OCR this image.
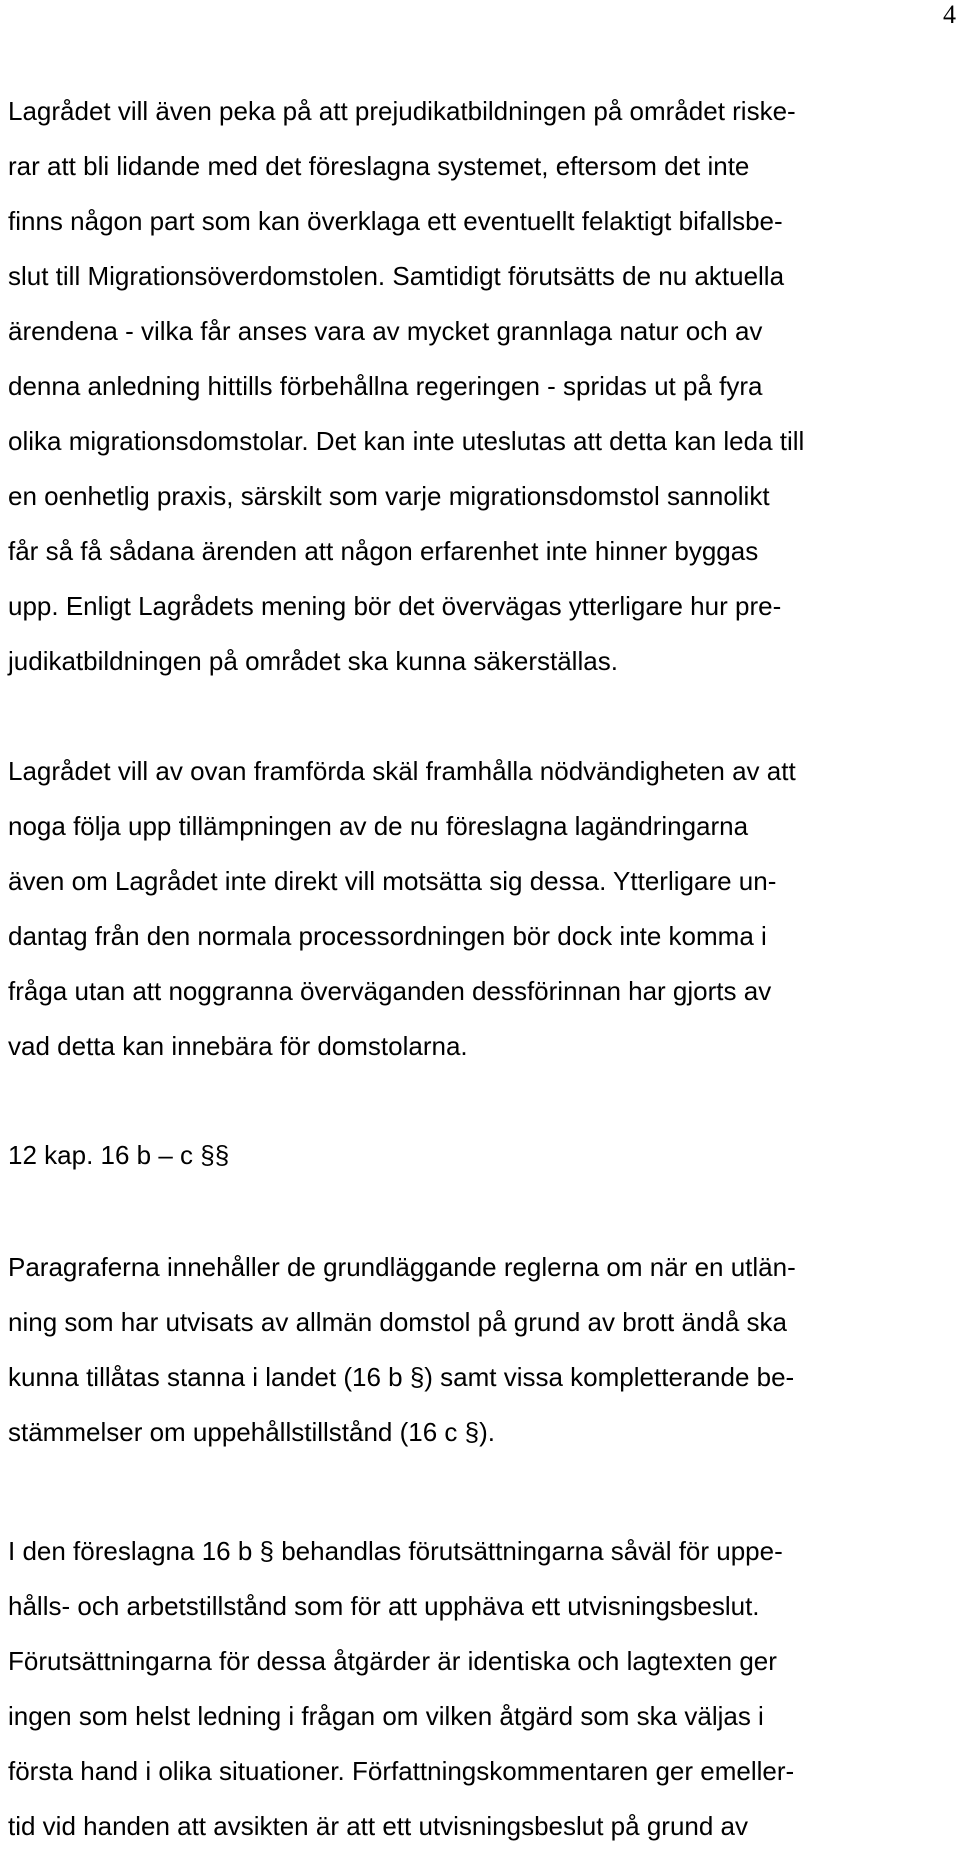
4
Lagrådet vill även peka på att prejudikatbildningen på området riske-
rar att bli lidande med det föreslagna systemet, eftersom det inte
finns någon part som kan överklaga ett eventuellt felaktigt bifallsbe-
slut till Migrationsöverdomstolen. Samtidigt förutsätts de nu aktuella
ärendena - vilka får anses vara av mycket grannlaga natur och av
denna anledning hittills förbehållna regeringen - spridas ut på fyra
olika migrationsdomstolar. Det kan inte uteslutas att detta kan leda till
en oenhetlig praxis, särskilt som varje migrationsdomstol sannolikt
får så få sådana ärenden att någon erfarenhet inte hinner byggas
upp. Enligt Lagrådets mening bör det övervägas ytterligare hur pre-
judikatbildningen på området ska kunna säkerställas.
Lagrådet vill av ovan framförda skäl framhålla nödvändigheten av att
noga följa upp tillämpningen av de nu föreslagna lagändringarna
även om Lagrådet inte direkt vill motsätta sig dessa. Ytterligare un-
dantag från den normala processordningen bör dock inte komma i
fråga utan att noggranna överväganden dessförinnan har gjorts av
vad detta kan innebära för domstolarna.
12 kap. 16 b – c §§
Paragraferna innehåller de grundläggande reglerna om när en utlän-
ning som har utvisats av allmän domstol på grund av brott ändå ska
kunna tillåtas stanna i landet (16 b §) samt vissa kompletterande be-
stämmelser om uppehållstillstånd (16 c §).
I den föreslagna 16 b § behandlas förutsättningarna såväl för uppe-
hålls- och arbetstillstånd som för att upphäva ett utvisningsbeslut.
Förutsättningarna för dessa åtgärder är identiska och lagtexten ger
ingen som helst ledning i frågan om vilken åtgärd som ska väljas i
första hand i olika situationer. Författningskommentaren ger emeller-
tid vid handen att avsikten är att ett utvisningsbeslut på grund av
